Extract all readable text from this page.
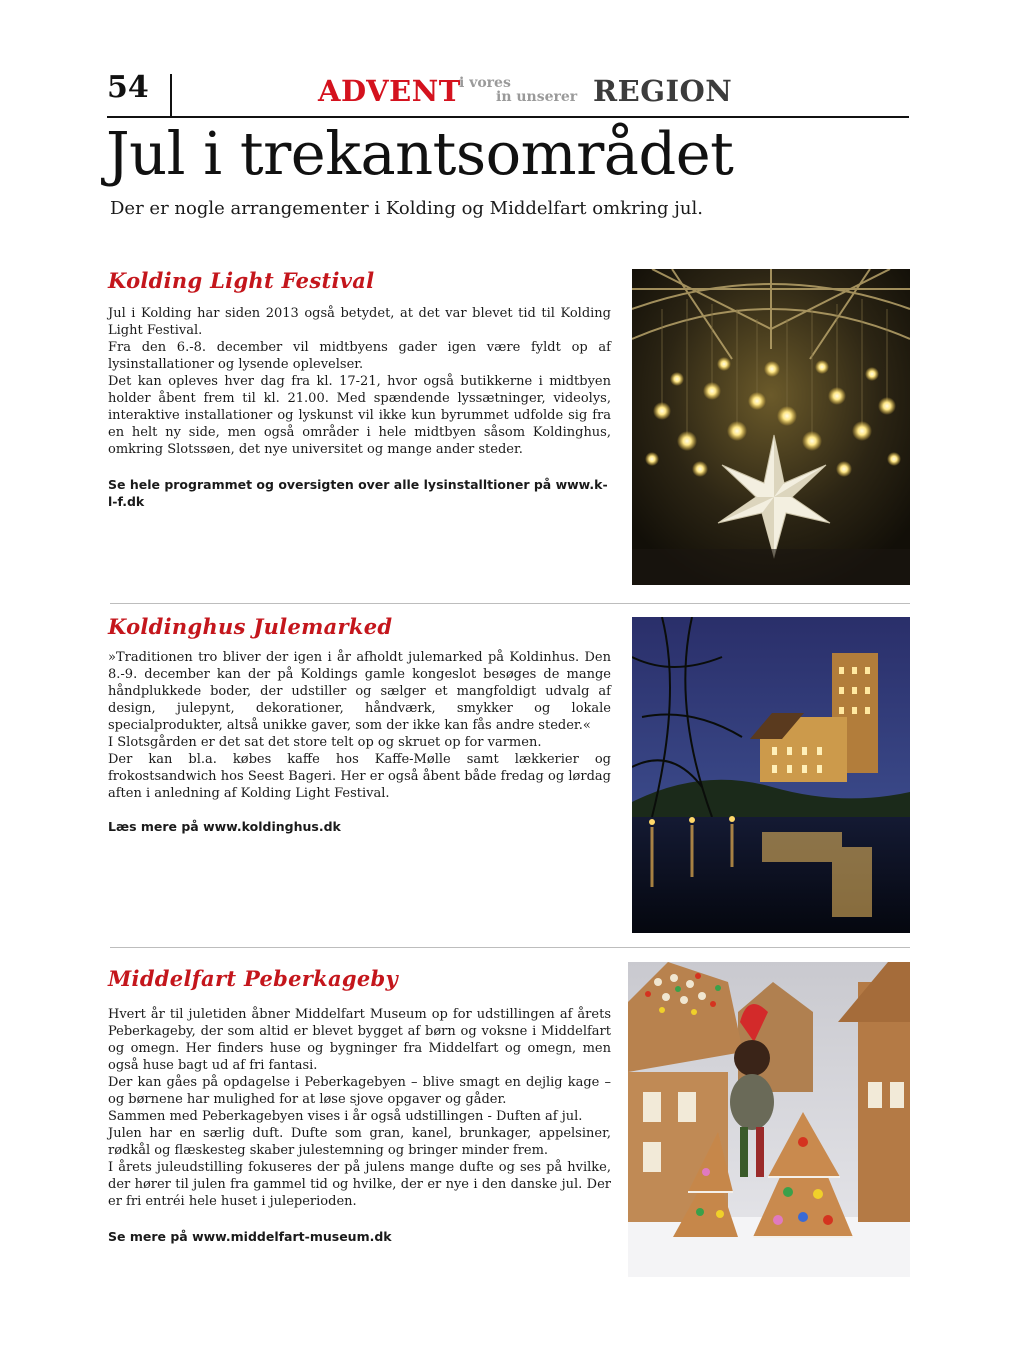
54	ADVENT
i vores
in unserer REGION
Jul i trekantsområdet

Der er nogle arrangementer i Kolding og Middelfart omkring jul.

Kolding Light Festival

Jul i Kolding har siden 2013 også betydet, at det var blevet tid til Kolding Light Festival.

Fra den 6.-8. december vil midtbyens gader igen være fyldt op af lysinstallationer og lysende oplevelser.

Det kan opleves hver dag fra kl. 17-21, hvor også butikkerne i midtbyen holder åbent frem til kl. 21.00. Med spændende lyssætninger, videolys, interaktive installationer og lyskunst vil ikke kun byrummet udfolde sig fra en helt ny side, men også områder i hele midtbyen såsom Koldinghus, omkring Slotssøen, det nye universitet og mange ander steder.

Se hele programmet og oversigten over alle lysinstalltioner på www.k-l-f.dk

Koldinghus Julemarked

»Traditionen tro bliver der igen i år afholdt julemarked på Koldinhus. Den 8.-9. december kan der på Koldings gamle kongeslot besøges de mange håndplukkede boder, der udstiller og sælger et mangfoldigt udvalg af design, julepynt, dekorationer, håndværk, smykker og lokale specialprodukter, altså unikke gaver, som der ikke kan fås andre steder.«

I Slotsgården er det sat det store telt op og skruet op for varmen.

Der kan bl.a. købes kaffe hos Kaffe-Mølle samt lækkerier og frokostsandwich hos Seest Bageri. Her er også åbent både fredag og lørdag aften i anledning af Kolding Light Festival.

Læs mere på www.koldinghus.dk

Middelfart Peberkageby

Hvert år til juletiden åbner Middelfart Museum op for udstillingen af årets Peberkageby, der som altid er blevet bygget af børn og voksne i Middelfart og omegn. Her finders huse og bygninger fra Middelfart og omegn, men også huse bagt ud af fri fantasi.

Der kan gåes på opdagelse i Peberkagebyen – blive smagt en dejlig kage – og børnene har mulighed for at løse sjove opgaver og gåder.

Sammen med Peberkagebyen vises i år også udstillingen - Duften af jul.

Julen har en særlig duft. Dufte som gran, kanel, brunkager, appelsiner, rødkål og flæskesteg skaber julestemning og bringer minder frem.

I årets juleudstilling fokuseres der på julens mange dufte og ses på hvilke, der hører til julen fra gammel tid og hvilke, der er nye i den danske jul. Der er fri entréi hele huset i juleperioden.

Se mere på www.middelfart-museum.dk
